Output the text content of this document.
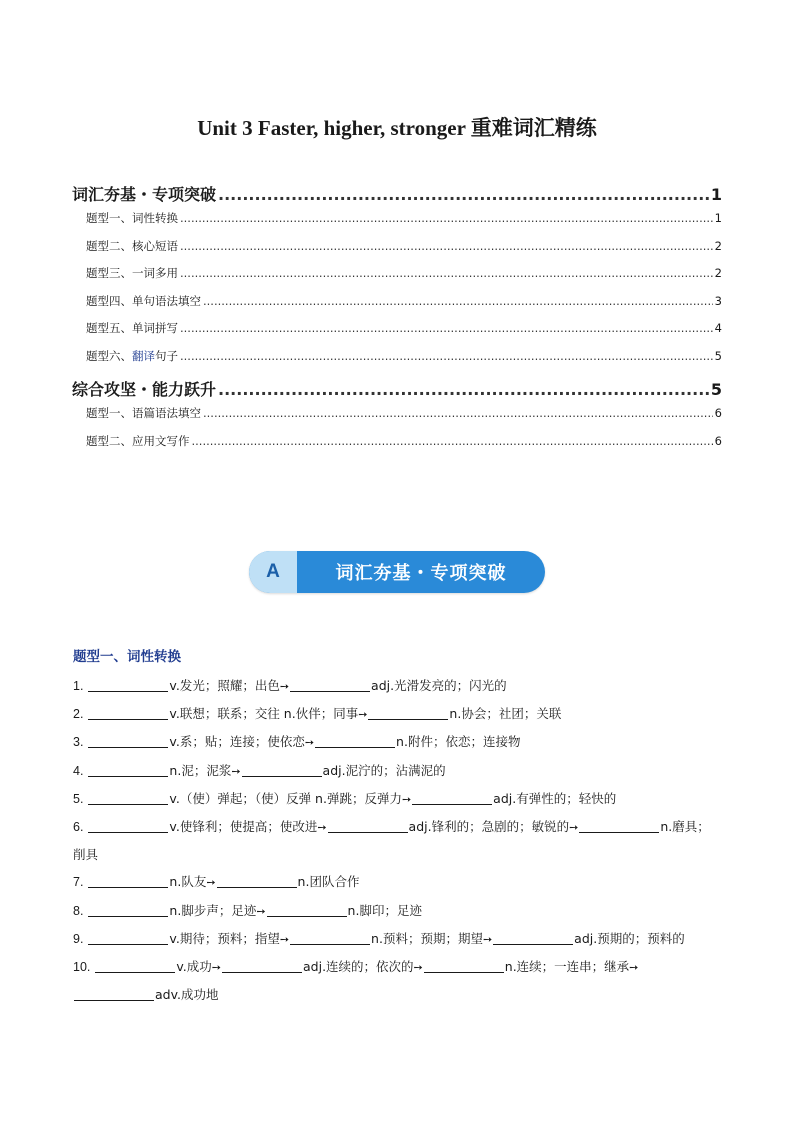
Unit 3 Faster, higher, stronger 重难词汇精练
词汇夯基・专项突破 .....	1
题型一、 词性转换 .....	1
题型二、 核心短语 .....	2
题型三、 一词多用 .....	2
题型四、 单句语法填空 .....	3
题型五、 单词拼写 .....	4
题型六、 翻译 句子 .....	5
综合攻坚・能力跃升 .....	5
题型一、 语篇语法填空 .....	6
题型二、 应用文写作 .....	6
A	词汇夯基・专项突破
题型一、词性转换
1.	v.发光；照耀；出色➙	adj.光滑发亮的；闪光的
2.	v.联想；联系；交往 n.伙伴；同事➙	n.协会；社团；关联
3.	v.系；贴；连接；使依恋➙	n.附件；依恋；连接物
4.	n.泥；泥浆➙	adj.泥泞的；沾满泥的
5.	v.（使）弹起；（使）反弹 n.弹跳；反弹力➙	adj.有弹性的；轻快的
6.	v.使锋利；使提高；使改进➙	adj.锋利的；急剧的；敏锐的➙	n.磨具；削具
7.	n.队友➙	n.团队合作
8.	n.脚步声；足迹➙	n.脚印；足迹
9.	v.期待；预料；指望➙	n.预料；预期；期望➙	adj.预期的；预料的
10.	v.成功➙	adj.连续的；依次的➙	n.连续；一连串；继承➙
adv.成功地
